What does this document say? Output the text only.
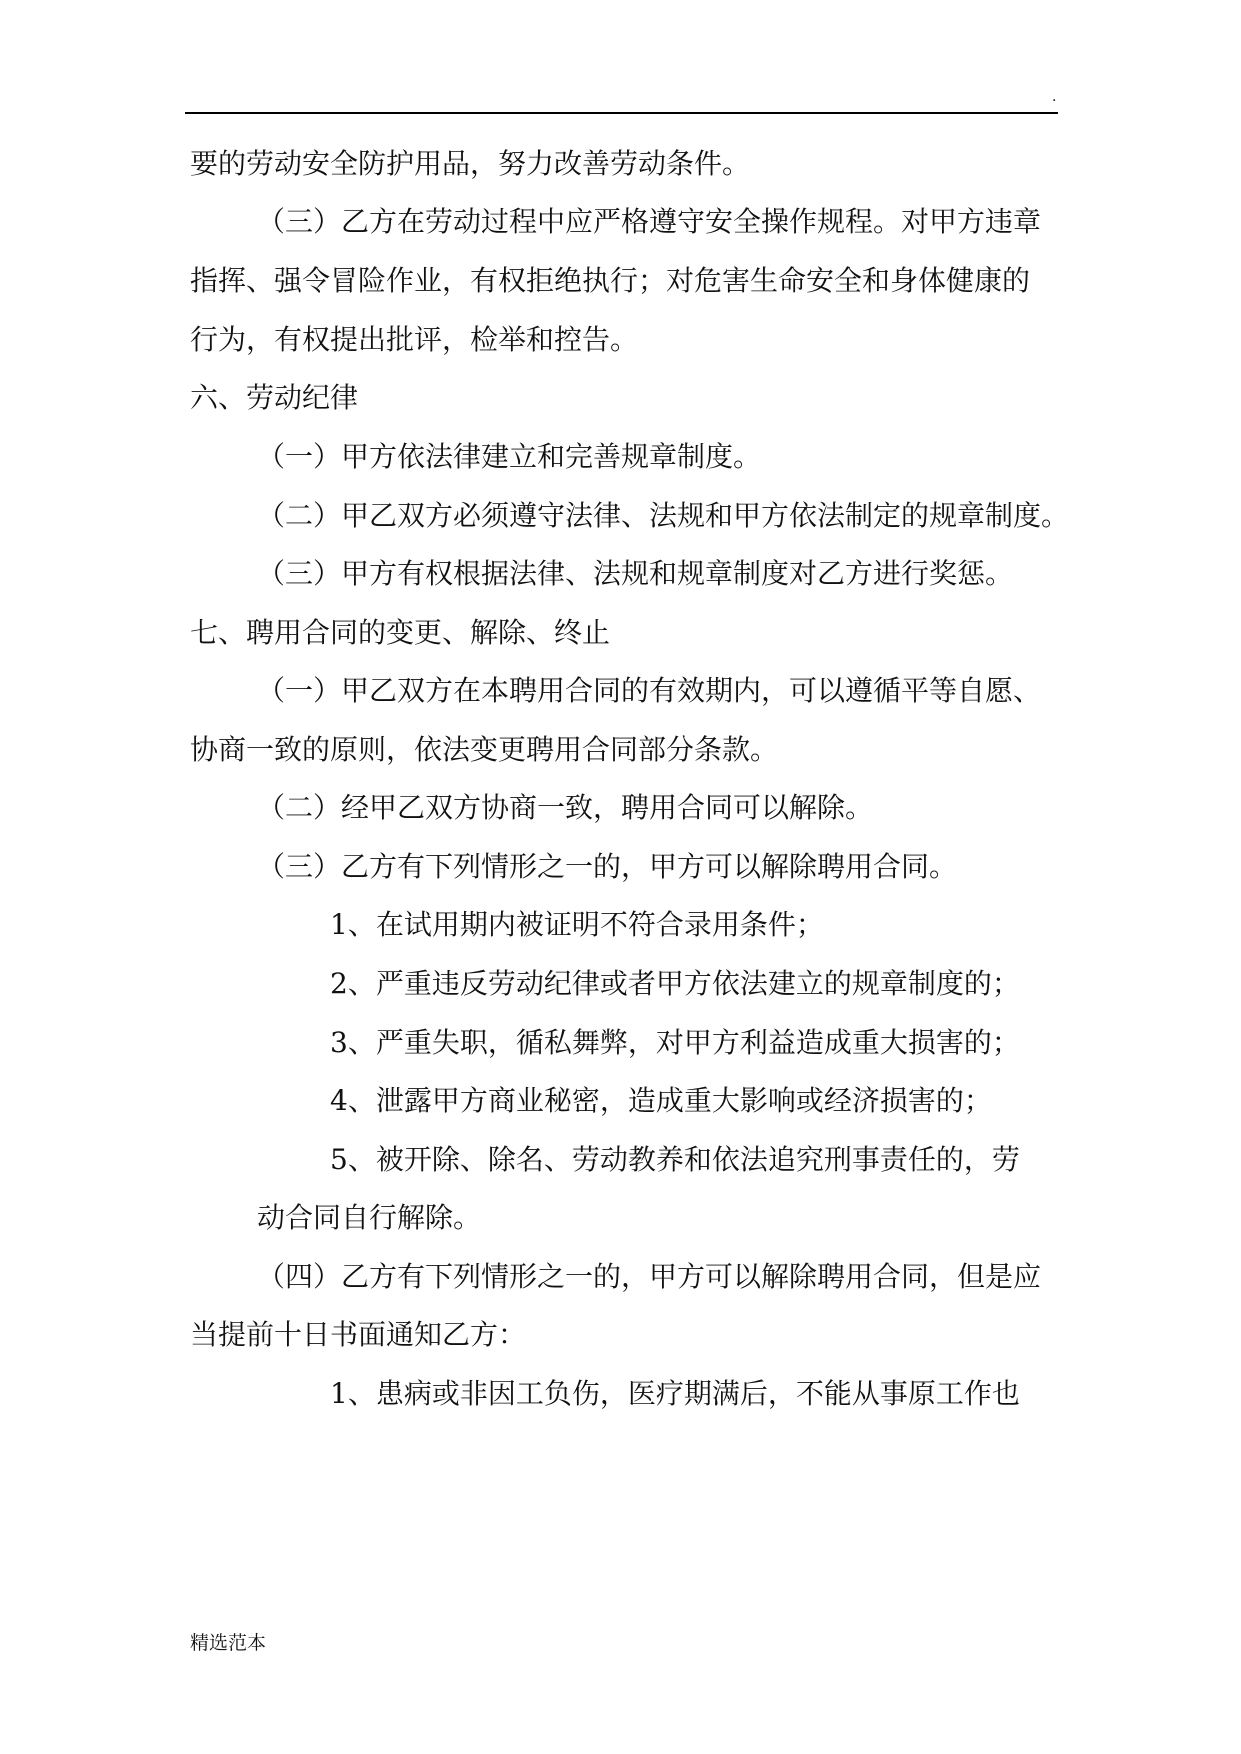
.
要的劳动安全防护用品，努力改善劳动条件。
（三）乙方在劳动过程中应严格遵守安全操作规程。对甲方违章
指挥、强令冒险作业，有权拒绝执行；对危害生命安全和身体健康的
行为，有权提出批评，检举和控告。
六、劳动纪律
（一）甲方依法律建立和完善规章制度。
（二）甲乙双方必须遵守法律、法规和甲方依法制定的规章制度。
（三）甲方有权根据法律、法规和规章制度对乙方进行奖惩。
七、聘用合同的变更、解除、终止
（一）甲乙双方在本聘用合同的有效期内，可以遵循平等自愿、
协商一致的原则，依法变更聘用合同部分条款。
（二）经甲乙双方协商一致，聘用合同可以解除。
（三）乙方有下列情形之一的，甲方可以解除聘用合同。
1、在试用期内被证明不符合录用条件；
2、严重违反劳动纪律或者甲方依法建立的规章制度的；
3、严重失职，循私舞弊，对甲方利益造成重大损害的；
4、泄露甲方商业秘密，造成重大影响或经济损害的；
5、被开除、除名、劳动教养和依法追究刑事责任的，劳
动合同自行解除。
（四）乙方有下列情形之一的，甲方可以解除聘用合同，但是应
当提前十日书面通知乙方：
1、患病或非因工负伤，医疗期满后，不能从事原工作也
精选范本
